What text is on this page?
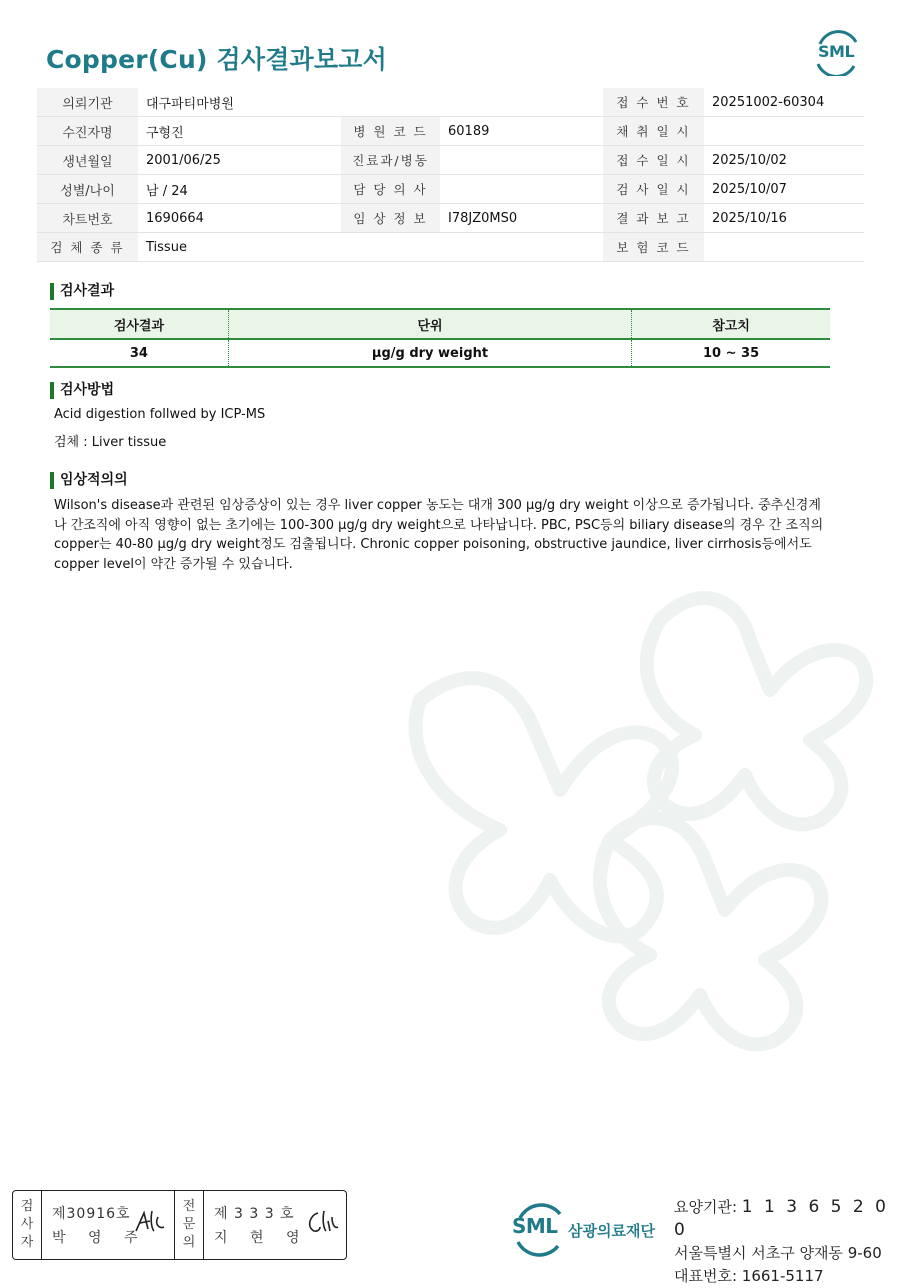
Copper(Cu) 검사결과보고서	SML
의뢰기관	대구파티마병원			접 수 번 호	20251002-60304
수진자명	구형진	병 원 코 드	60189	채 취 일 시	
생년월일	2001/06/25	진료과/병동		접 수 일 시	2025/10/02
성별/나이	남 / 24	담 당 의 사		검 사 일 시	2025/10/07
차트번호	1690664	임 상 정 보	I78JZ0MS0	결 과 보 고	2025/10/16
검 체 종 류	Tissue			보 험 코 드	
검사결과
검사결과	단위	참고치
34	μg/g dry weight	10 ~ 35
검사방법
Acid digestion follwed by ICP-MS
검체 : Liver tissue
임상적의의
Wilson's disease과 관련된 임상증상이 있는 경우 liver copper 농도는 대개 300 μg/g dry weight 이상으로 증가됩니다. 중추신경계나 간조직에 아직 영향이 없는 초기에는 100-300 μg/g dry weight으로 나타납니다. PBC, PSC등의 biliary disease의 경우 간 조직의 copper는 40-80 μg/g dry weight정도 검출됩니다. Chronic copper poisoning, obstructive jaundice, liver cirrhosis등에서도 copper level이 약간 증가될 수 있습니다.
검
사
자
제30916호
박 영 주
전
문
의
제 3 3 3 호
지 현 영	SML 삼광의료재단
요양기관: 1 1 3 6 5 2 0 0
서울특별시 서초구 양재동 9-60
대표번호: 1661-5117
